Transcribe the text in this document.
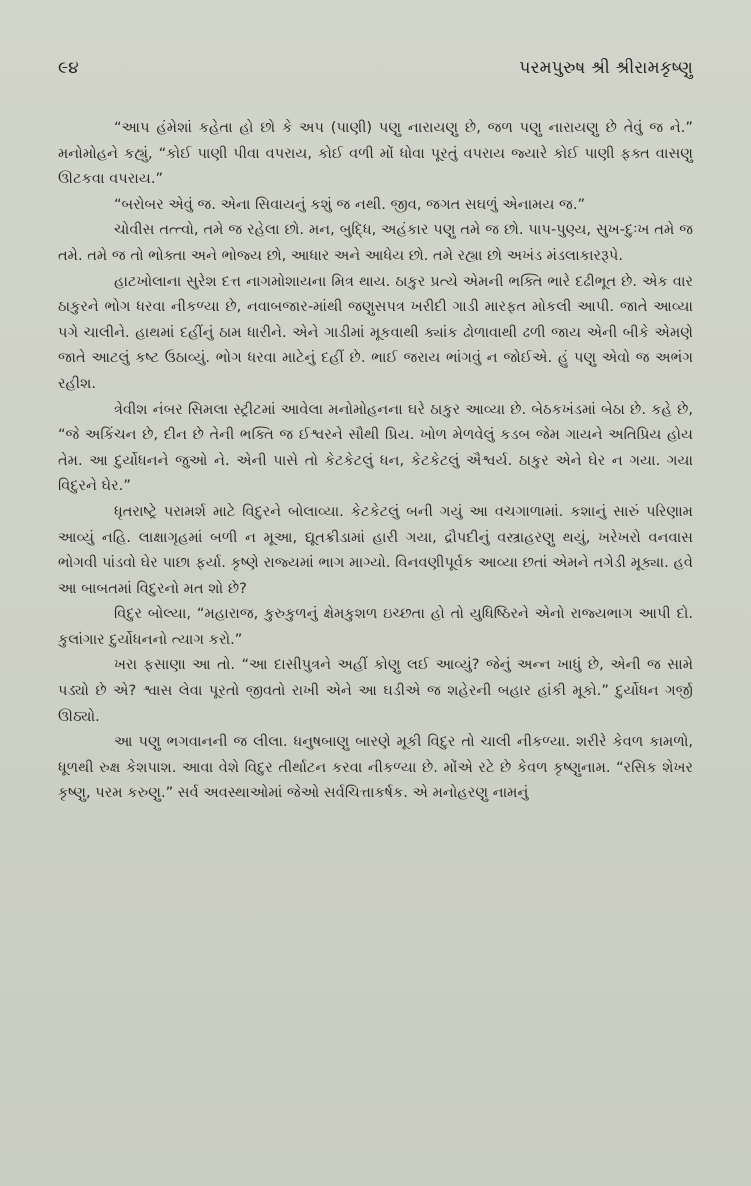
૯૪	પરમપુરુષ શ્રી શ્રીરામકૃષ્ણુ

“આપ હંમેશાં કહેતા હો છો કે અપ (પાણી) પણુ નારાયણુ છે, જળ પણુ નારાયણુ છે તેવું જ ને.” મનોમોહને કહ્યું, “કોઈ પાણી પીવા વપરાય, કોઈ વળી મોં ધોવા પૂરતું વપરાય જ્યારે કોઈ પાણી ફક્ત વાસણુ ઊટકવા વપરાય.”

“બરોબર એવું જ. એના સિવાયનું કશું જ નથી. જીવ, જગત સઘળું એનામય જ.”

ચોવીસ તત્ત્વો, તમે જ રહેલા છો. મન, બુદ્ધિ, અહંકાર પણુ તમે જ છો. પાપ-પુણ્ય, સુખ-દુઃખ તમે જ તમે. તમે જ તો ભોક્તા અને ભોજ્ય છો, આધાર અને આધેય છો. તમે રહ્યા છો અખંડ મંડલાકારરૂપે.

હાટખોલાના સુરેશ દત્ત નાગમોશાયના મિત્ર થાય. ઠાકુર પ્રત્યે એમની ભક્તિ ભારે દઢીભૂત છે. એક વાર ઠાકુરને ભોગ ધરવા નીકળ્યા છે, નવાબજાર-માંથી જણુસપત્ર ખરીદી ગાડી મારફત મોકલી આપી. જાતે આવ્યા પગે ચાલીને. હાથમાં દહીંનું ઠામ ધારીને. એને ગાડીમાં મૂકવાથી ક્યાંક ઢોળાવાથી ઢળી જાય એની બીકે એમણે જાતે આટલું કષ્ટ ઉઠાવ્યું. ભોગ ધરવા માટેનું દહીં છે. ભાઈ જરાય ભાંગવું ન જોઈએ. હું પણુ એવો જ અભંગ રહીશ.

ત્રેવીશ નંબર સિમલા સ્ટ્રીટમાં આવેલા મનોમોહનના ઘરે ઠાકુર આવ્યા છે. બેઠકખંડમાં બેઠા છે. કહે છે, “જે અકિંચન છે, દીન છે તેની ભક્તિ જ ઈશ્વરને સૌથી પ્રિય. ખોળ મેળવેલું કડબ જેમ ગાયને અતિપ્રિય હોય તેમ. આ દુર્યોધનને જુઓ ને. એની પાસે તો કેટકેટલું ધન, કેટકેટલું ઐશ્વર્ય. ઠાકુર એને ઘેર ન ગયા. ગયા વિદુરને ઘેર.”

ધૃતરાષ્ટ્રે પરામર્શ માટે વિદુરને બોલાવ્યા. કેટકેટલું બની ગયું આ વચગાળામાં. કશાનું સારું પરિણામ આવ્યું નહિ. લાક્ષાગૃહમાં બળી ન મૂઆ, દ્યૂતક્રીડામાં હારી ગયા, દ્રૌપદીનું વસ્ત્રાહરણુ થયું, ખરેખરો વનવાસ ભોગવી પાંડવો ઘેર પાછા ફર્યા. કૃષ્ણે રાજ્યમાં ભાગ માગ્યો. વિનવણીપૂર્વક આવ્યા છતાં એમને તગેડી મૂક્યા. હવે આ બાબતમાં વિદુરનો મત શો છે?

વિદુર બોલ્યા, “મહારાજ, કુરુકુળનું ક્ષેમકુશળ ઇચ્છતા હો તો યુધિષ્ઠિરને એનો રાજ્યભાગ આપી દો. કુલાંગાર દુર્યોધનનો ત્યાગ કરો.”

ખરા ફસાણા આ તો. “આ દાસીપુત્રને અહીં કોણુ લઈ આવ્યું? જેનું અન્ન ખાધું છે, એની જ સામે પડ્યો છે એ? શ્વાસ લેવા પૂરતો જીવતો રાખી એને આ ઘડીએ જ શહેરની બહાર હાંકી મૂકો.” દુર્યોધન ગર્જી ઊઠ્યો.

આ પણુ ભગવાનની જ લીલા. ધનુષબાણુ બારણે મૂકી વિદુર તો ચાલી નીકળ્યા. શરીરે કેવળ કામળો, ધૂળથી રુક્ષ કેશપાશ. આવા વેશે વિદુર તીર્થાટન કરવા નીકળ્યા છે. મોંએ રટે છે કેવળ કૃષ્ણુનામ. “રસિક શેખર કૃષ્ણુ, પરમ કરુણુ.” સર્વ અવસ્થાઓમાં જેઓ સર્વચિત્તાકર્ષક. એ મનોહરણુ નામનું
